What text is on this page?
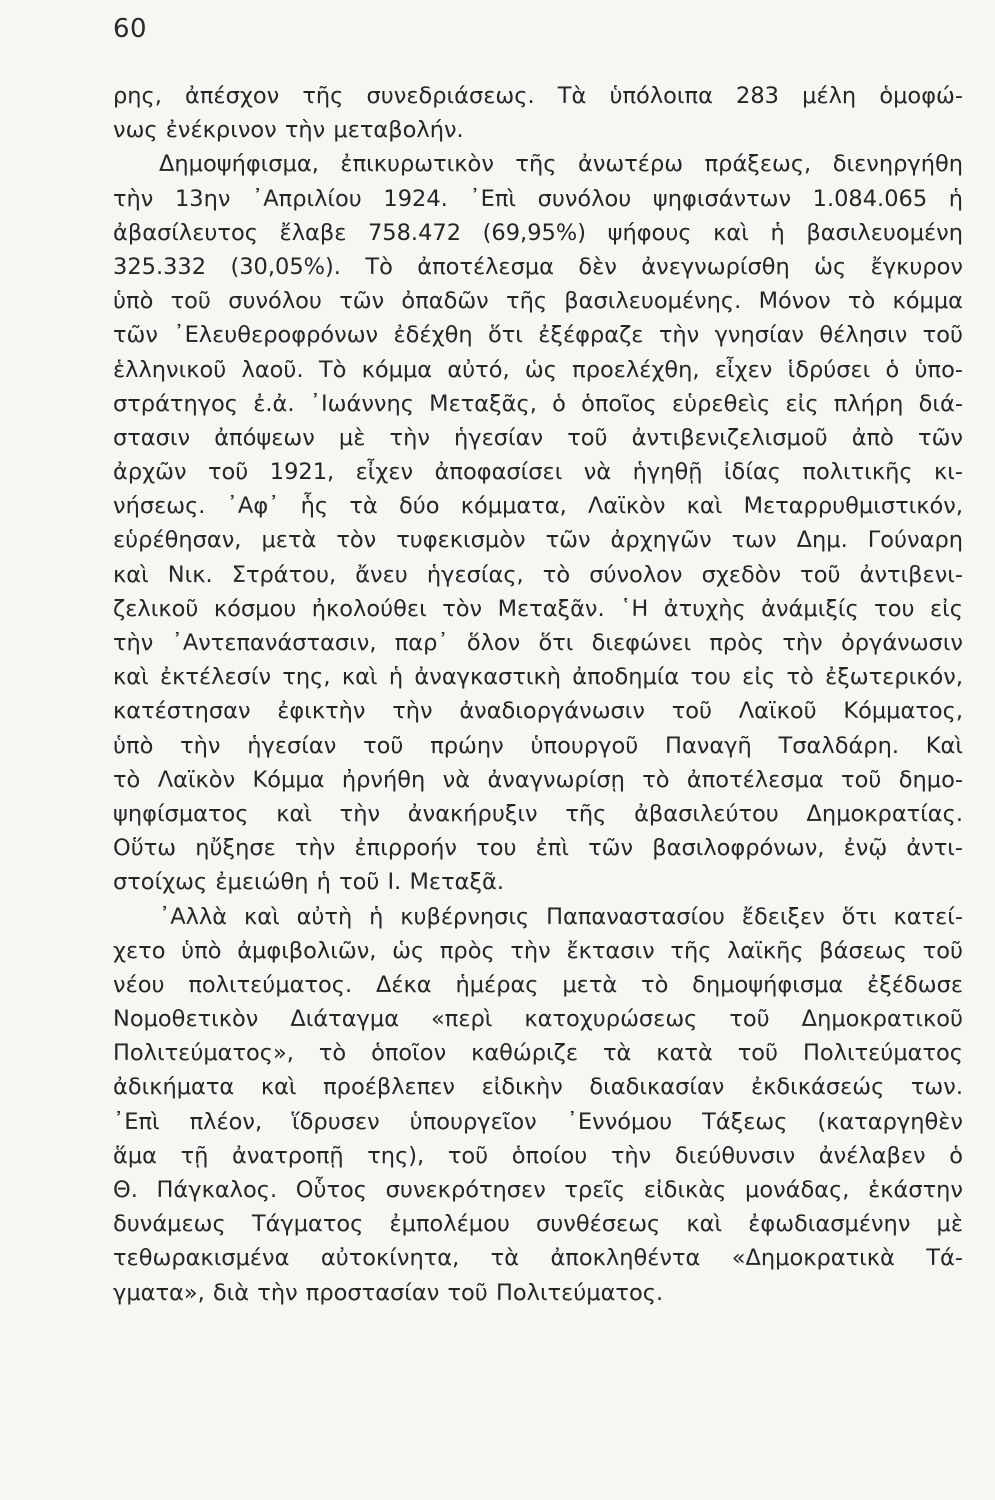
60
ρης, ἀπέσχον τῆς συνεδριάσεως. Τὰ ὑπόλοιπα 283 μέλη ὁμοφώ-
νως ἐνέκρινον τὴν μεταβολήν.
Δημοψήφισμα, ἐπικυρωτικὸν τῆς ἀνωτέρω πράξεως, διενηργήθη
τὴν 13ην ᾿Απριλίου 1924. ᾿Επὶ συνόλου ψηφισάντων 1.084.065 ἡ
ἀβασίλευτος ἔλαβε 758.472 (69,95%) ψήφους καὶ ἡ βασιλευομένη
325.332 (30,05%). Τὸ ἀποτέλεσμα δὲν ἀνεγνωρίσθη ὡς ἔγκυρον
ὑπὸ τοῦ συνόλου τῶν ὀπαδῶν τῆς βασιλευομένης. Μόνον τὸ κόμμα
τῶν ᾿Ελευθεροφρόνων ἐδέχθη ὅτι ἐξέφραζε τὴν γνησίαν θέλησιν τοῦ
ἑλληνικοῦ λαοῦ. Τὸ κόμμα αὐτό, ὡς προελέχθη, εἶχεν ἱδρύσει ὁ ὑπο-
στράτηγος ἐ.ἀ. ᾿Ιωάννης Μεταξᾶς, ὁ ὁποῖος εὑρεθεὶς εἰς πλήρη διά-
στασιν ἀπόψεων μὲ τὴν ἡγεσίαν τοῦ ἀντιβενιζελισμοῦ ἀπὸ τῶν
ἀρχῶν τοῦ 1921, εἶχεν ἀποφασίσει νὰ ἡγηθῇ ἰδίας πολιτικῆς κι-
νήσεως. ᾿Αφ᾿ ἧς τὰ δύο κόμματα, Λαϊκὸν καὶ Μεταρρυθμιστικόν,
εὑρέθησαν, μετὰ τὸν τυφεκισμὸν τῶν ἀρχηγῶν των Δημ. Γούναρη
καὶ Νικ. Στράτου, ἄνευ ἡγεσίας, τὸ σύνολον σχεδὸν τοῦ ἀντιβενι-
ζελικοῦ κόσμου ἠκολούθει τὸν Μεταξᾶν. ῾Η ἀτυχὴς ἀνάμιξίς του εἰς
τὴν ᾿Αντεπανάστασιν, παρ᾿ ὅλον ὅτι διεφώνει πρὸς τὴν ὀργάνωσιν
καὶ ἐκτέλεσίν της, καὶ ἡ ἀναγκαστικὴ ἀποδημία του εἰς τὸ ἐξωτερικόν,
κατέστησαν ἐφικτὴν τὴν ἀναδιοργάνωσιν τοῦ Λαϊκοῦ Κόμματος,
ὑπὸ τὴν ἡγεσίαν τοῦ πρώην ὑπουργοῦ Παναγῆ Τσαλδάρη. Καὶ
τὸ Λαϊκὸν Κόμμα ἠρνήθη νὰ ἀναγνωρίσῃ τὸ ἀποτέλεσμα τοῦ δημο-
ψηφίσματος καὶ τὴν ἀνακήρυξιν τῆς ἀβασιλεύτου Δημοκρατίας.
Οὕτω ηὔξησε τὴν ἐπιρροήν του ἐπὶ τῶν βασιλοφρόνων, ἐνῷ ἀντι-
στοίχως ἐμειώθη ἡ τοῦ Ι. Μεταξᾶ.
᾿Αλλὰ καὶ αὐτὴ ἡ κυβέρνησις Παπαναστασίου ἔδειξεν ὅτι κατεί-
χετο ὑπὸ ἀμφιβολιῶν, ὡς πρὸς τὴν ἔκτασιν τῆς λαϊκῆς βάσεως τοῦ
νέου πολιτεύματος. Δέκα ἡμέρας μετὰ τὸ δημοψήφισμα ἐξέδωσε
Νομοθετικὸν Διάταγμα «περὶ κατοχυρώσεως τοῦ Δημοκρατικοῦ
Πολιτεύματος», τὸ ὁποῖον καθώριζε τὰ κατὰ τοῦ Πολιτεύματος
ἀδικήματα καὶ προέβλεπεν εἰδικὴν διαδικασίαν ἐκδικάσεώς των.
᾿Επὶ πλέον, ἵδρυσεν ὑπουργεῖον ᾿Εννόμου Τάξεως (καταργηθὲν
ἅμα τῇ ἀνατροπῇ της), τοῦ ὁποίου τὴν διεύθυνσιν ἀνέλαβεν ὁ
Θ. Πάγκαλος. Οὗτος συνεκρότησεν τρεῖς εἰδικὰς μονάδας, ἑκάστην
δυνάμεως Τάγματος ἐμπολέμου συνθέσεως καὶ ἐφωδιασμένην μὲ
τεθωρακισμένα αὐτοκίνητα, τὰ ἀποκληθέντα «Δημοκρατικὰ Τά-
γματα», διὰ τὴν προστασίαν τοῦ Πολιτεύματος.
